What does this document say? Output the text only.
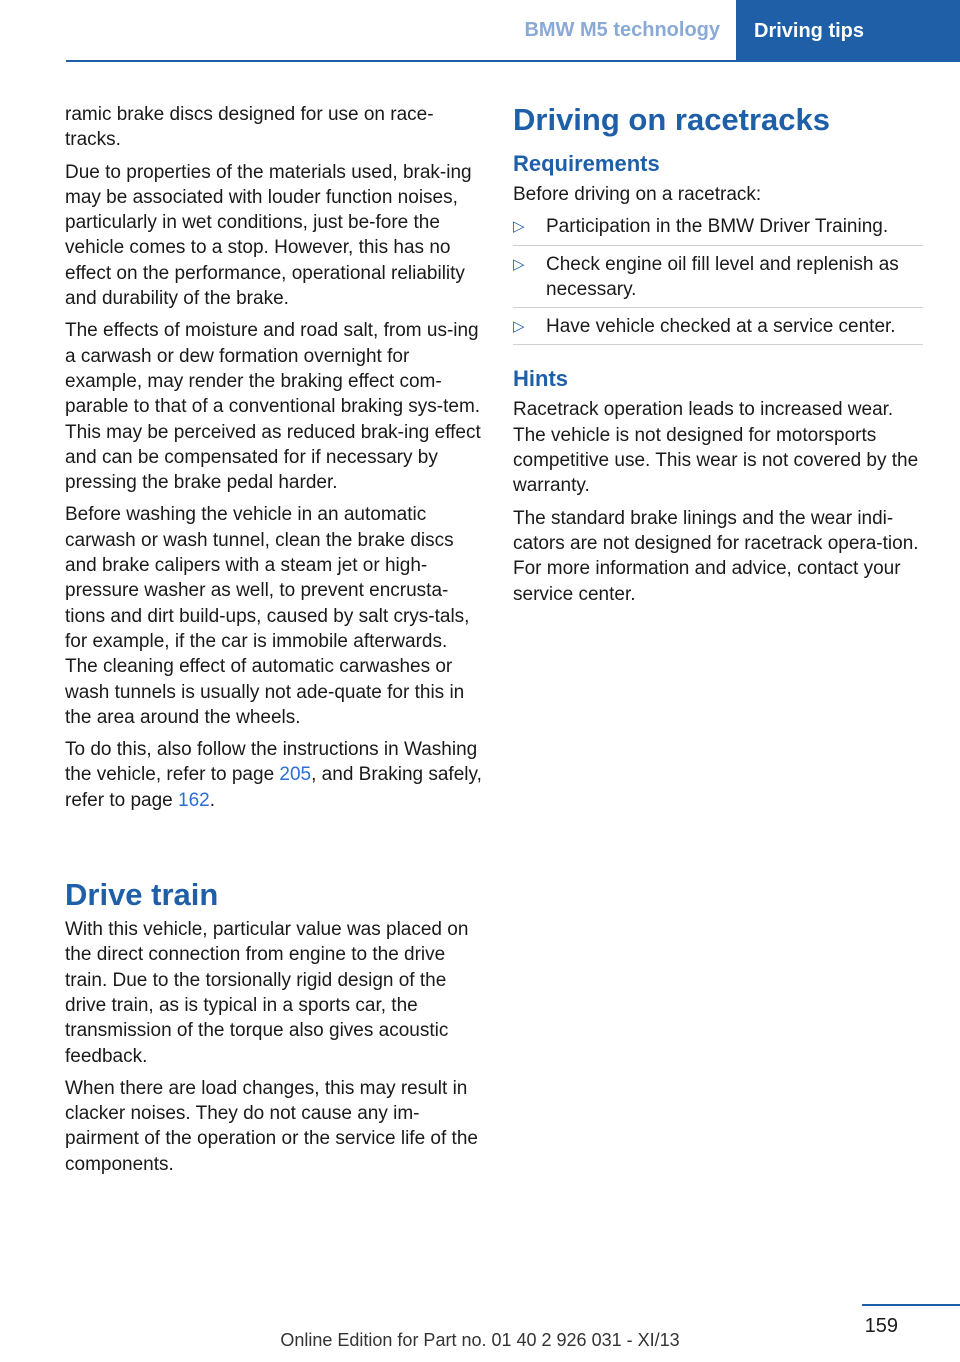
BMW M5 technology	Driving tips

ramic brake discs designed for use on race‐tracks.

Due to properties of the materials used, brak‐ing may be associated with louder function noises, particularly in wet conditions, just be‐fore the vehicle comes to a stop. However, this has no effect on the performance, operational reliability and durability of the brake.

The effects of moisture and road salt, from us‐ing a carwash or dew formation overnight for example, may render the braking effect com‐parable to that of a conventional braking sys‐tem. This may be perceived as reduced brak‐ing effect and can be compensated for if necessary by pressing the brake pedal harder.

Before washing the vehicle in an automatic carwash or wash tunnel, clean the brake discs and brake calipers with a steam jet or high-pressure washer as well, to prevent encrusta‐tions and dirt build-ups, caused by salt crys‐tals, for example, if the car is immobile afterwards. The cleaning effect of automatic carwashes or wash tunnels is usually not ade‐quate for this in the area around the wheels.

To do this, also follow the instructions in Washing the vehicle, refer to page 205, and Braking safely, refer to page 162.

Drive train

With this vehicle, particular value was placed on the direct connection from engine to the drive train. Due to the torsionally rigid design of the drive train, as is typical in a sports car, the transmission of the torque also gives acoustic feedback.

When there are load changes, this may result in clacker noises. They do not cause any im‐pairment of the operation or the service life of the components.

Driving on racetracks
Requirements

Before driving on a racetrack:

▷ Participation in the BMW Driver Training.
▷ Check engine oil fill level and replenish as necessary.
▷ Have vehicle checked at a service center.
Hints

Racetrack operation leads to increased wear. The vehicle is not designed for motorsports competitive use. This wear is not covered by the warranty.

The standard brake linings and the wear indi‐cators are not designed for racetrack opera‐tion. For more information and advice, contact your service center.

159
Online Edition for Part no. 01 40 2 926 031 - XI/13
